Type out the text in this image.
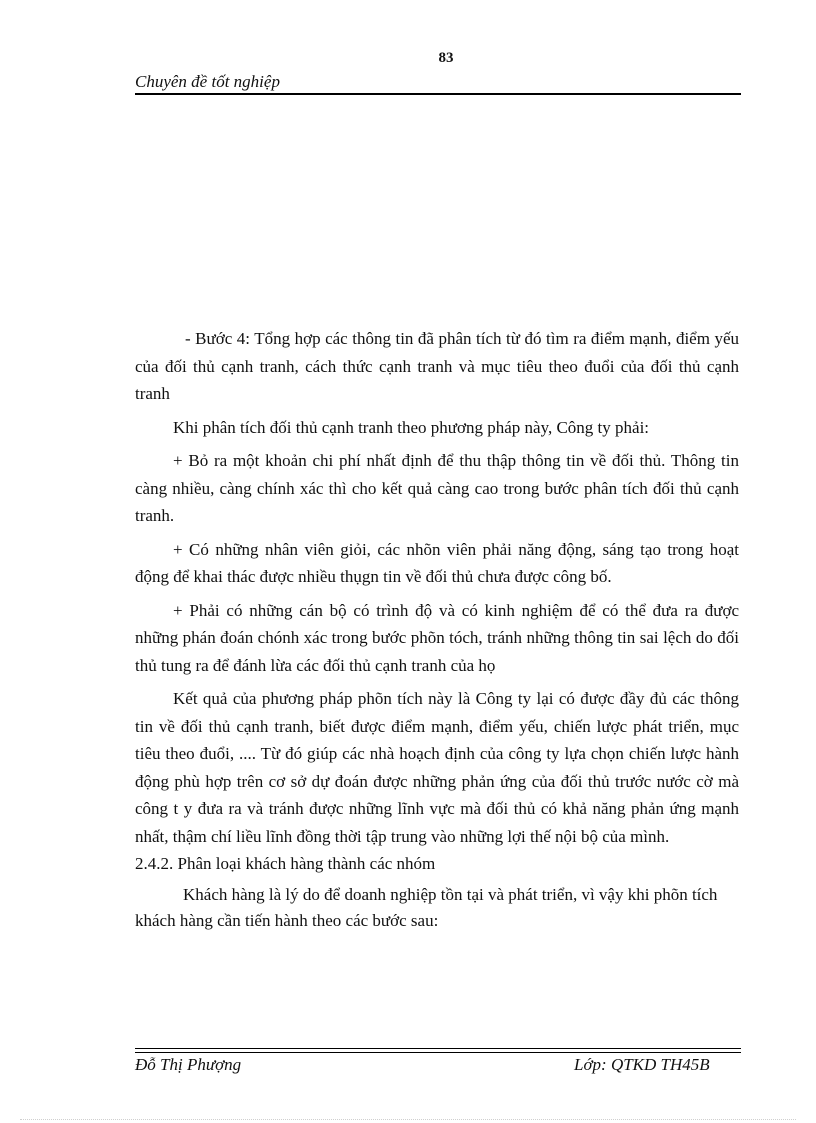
83
Chuyên đề tốt nghiệp

- Bước 4: Tổng hợp các thông tin đã phân tích từ đó tìm ra điểm mạnh, điểm yếu của đối thủ cạnh tranh, cách thức cạnh tranh và mục tiêu theo đuổi của đối thủ cạnh tranh

Khi phân tích đối thủ cạnh tranh theo phương pháp này, Công ty phải:

+ Bỏ ra một khoản chi phí nhất định để thu thập thông tin về đối thủ. Thông tin càng nhiều, càng chính xác thì cho kết quả càng cao trong bước phân tích đối thủ cạnh tranh.

+ Có những nhân viên giỏi, các nhõn viên phải năng động, sáng tạo trong hoạt động để khai thác được nhiều thụgn tin về đối thủ chưa được công bố.

+ Phải có những cán bộ có trình độ và có kinh nghiệm để có thể đưa ra được những phán đoán chónh xác trong bước phõn tóch, tránh những thông tin sai lệch do đối thủ tung ra để đánh lừa các đối thủ cạnh tranh của họ

Kết quả của phương pháp phõn tích này là Công ty lại có được đầy đủ các thông tin về đối thủ cạnh tranh, biết được điểm mạnh, điểm yếu, chiến lược phát triển, mục tiêu theo đuổi, .... Từ đó giúp các nhà hoạch định của công ty lựa chọn chiến lược hành động phù hợp trên cơ sở dự đoán được những phản ứng của đối thủ trước nước cờ mà công t y đưa ra và tránh được những lĩnh vực mà đối thủ có khả năng phản ứng mạnh nhất, thậm chí liều lĩnh đồng thời tập trung vào những lợi thế nội bộ của mình.

2.4.2. Phân loại khách hàng thành các nhóm

Khách hàng là lý do để doanh nghiệp tồn tại và phát triển, vì vậy khi phõn tích khách hàng cần tiến hành theo các bước sau:

Đỗ Thị Phượng	Lớp: QTKD TH45B
